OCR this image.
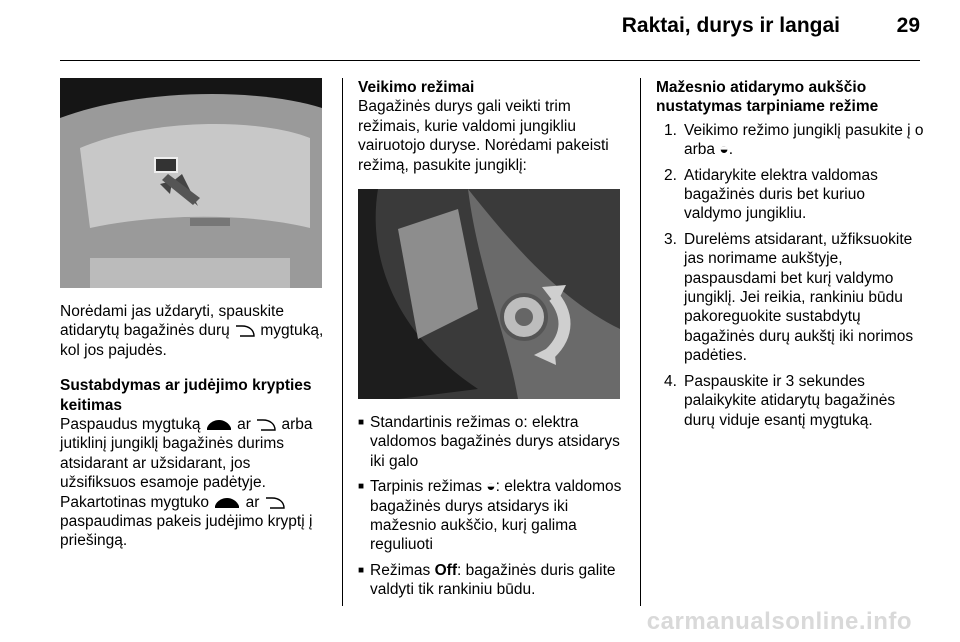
Raktai, durys ir langai	29
Norėdami jas uždaryti, spauskite atidarytų bagažinės durų mygtuką, kol jos pajudės.
Sustabdymas ar judėjimo krypties keitimas
Paspaudus mygtuką ar arba jutiklinį jungiklį bagažinės durims atsidarant ar užsidarant, jos užsifiksuos esamoje padėtyje. Pakartotinas mygtuko ar  paspaudimas pakeis judėjimo kryptį į priešingą.
Veikimo režimai
Bagažinės durys gali veikti trim režimais, kurie valdomi jungikliu vairuotojo duryse. Norėdami pakeisti režimą, pasukite jungiklį:
■ Standartinis režimas o: elektra valdomos bagažinės durys atsidarys iki galo
■ Tarpinis režimas ◒: elektra valdomos bagažinės durys atsidarys iki mažesnio aukščio, kurį galima reguliuoti
■ Režimas Off: bagažinės duris galite valdyti tik rankiniu būdu.
Mažesnio atidarymo aukščio nustatymas tarpiniame režime
1. Veikimo režimo jungiklį pasukite į o arba ◒.
2. Atidarykite elektra valdomas bagažinės duris bet kuriuo valdymo jungikliu.
3. Durelėms atsidarant, užfiksuokite jas norimame aukštyje, paspausdami bet kurį valdymo jungiklį. Jei reikia, rankiniu būdu pakoreguokite sustabdytų bagažinės durų aukštį iki norimos padėties.
4. Paspauskite ir 3 sekundes palaikykite atidarytų bagažinės durų viduje esantį mygtuką.
carmanualsonline.info
